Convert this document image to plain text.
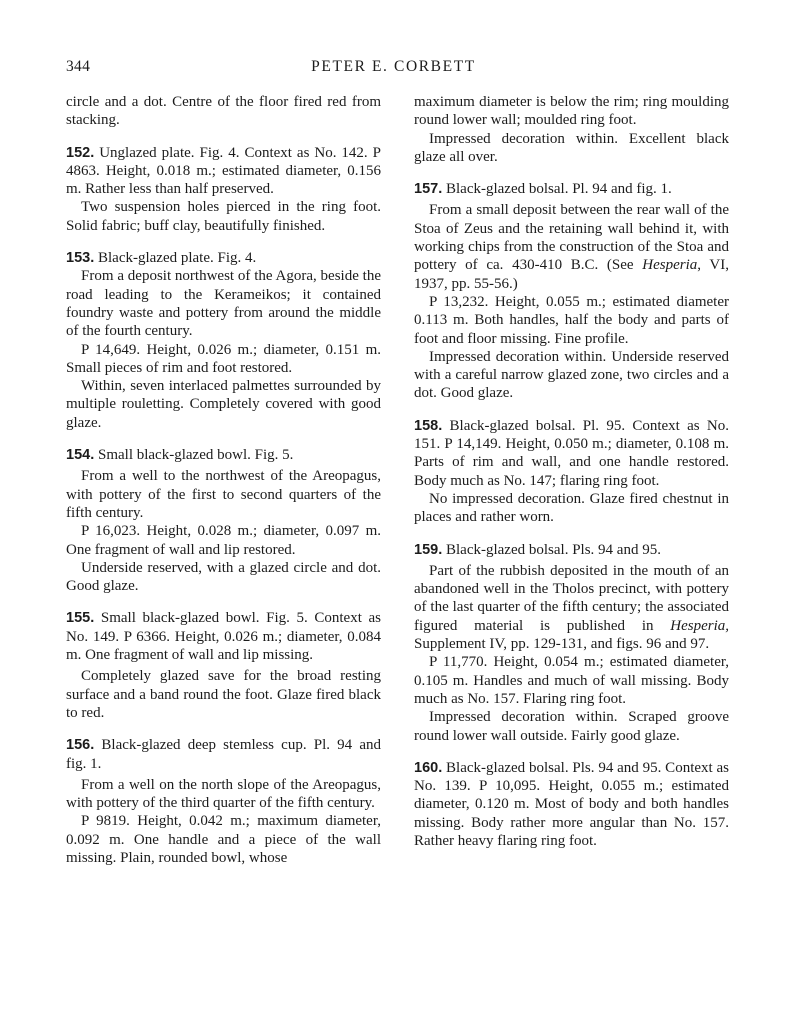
344	PETER E. CORBETT

circle and a dot. Centre of the floor fired red from stacking.

152. Unglazed plate. Fig. 4. Context as No. 142. P 4863. Height, 0.018 m.; estimated diameter, 0.156 m. Rather less than half preserved.

Two suspension holes pierced in the ring foot. Solid fabric; buff clay, beautifully finished.

153. Black-glazed plate. Fig. 4.

From a deposit northwest of the Agora, beside the road leading to the Kerameikos; it contained foundry waste and pottery from around the middle of the fourth century.

P 14,649. Height, 0.026 m.; diameter, 0.151 m. Small pieces of rim and foot restored.

Within, seven interlaced palmettes surrounded by multiple rouletting. Completely covered with good glaze.

154. Small black-glazed bowl. Fig. 5.

From a well to the northwest of the Areopagus, with pottery of the first to second quarters of the fifth century.

P 16,023. Height, 0.028 m.; diameter, 0.097 m. One fragment of wall and lip restored.

Underside reserved, with a glazed circle and dot. Good glaze.

155. Small black-glazed bowl. Fig. 5. Context as No. 149. P 6366. Height, 0.026 m.; diameter, 0.084 m. One fragment of wall and lip missing.

Completely glazed save for the broad resting surface and a band round the foot. Glaze fired black to red.

156. Black-glazed deep stemless cup. Pl. 94 and fig. 1.

From a well on the north slope of the Areopagus, with pottery of the third quarter of the fifth century.

P 9819. Height, 0.042 m.; maximum diameter, 0.092 m. One handle and a piece of the wall missing. Plain, rounded bowl, whose

maximum diameter is below the rim; ring moulding round lower wall; moulded ring foot.

Impressed decoration within. Excellent black glaze all over.

157. Black-glazed bolsal. Pl. 94 and fig. 1.

From a small deposit between the rear wall of the Stoa of Zeus and the retaining wall behind it, with working chips from the construction of the Stoa and pottery of ca. 430-410 B.C. (See Hesperia, VI, 1937, pp. 55-56.)

P 13,232. Height, 0.055 m.; estimated diameter 0.113 m. Both handles, half the body and parts of foot and floor missing. Fine profile.

Impressed decoration within. Underside reserved with a careful narrow glazed zone, two circles and a dot. Good glaze.

158. Black-glazed bolsal. Pl. 95. Context as No. 151. P 14,149. Height, 0.050 m.; diameter, 0.108 m. Parts of rim and wall, and one handle restored. Body much as No. 147; flaring ring foot.

No impressed decoration. Glaze fired chestnut in places and rather worn.

159. Black-glazed bolsal. Pls. 94 and 95.

Part of the rubbish deposited in the mouth of an abandoned well in the Tholos precinct, with pottery of the last quarter of the fifth century; the associated figured material is published in Hesperia, Supplement IV, pp. 129-131, and figs. 96 and 97.

P 11,770. Height, 0.054 m.; estimated diameter, 0.105 m. Handles and much of wall missing. Body much as No. 157. Flaring ring foot.

Impressed decoration within. Scraped groove round lower wall outside. Fairly good glaze.

160. Black-glazed bolsal. Pls. 94 and 95. Context as No. 139. P 10,095. Height, 0.055 m.; estimated diameter, 0.120 m. Most of body and both handles missing. Body rather more angular than No. 157. Rather heavy flaring ring foot.
